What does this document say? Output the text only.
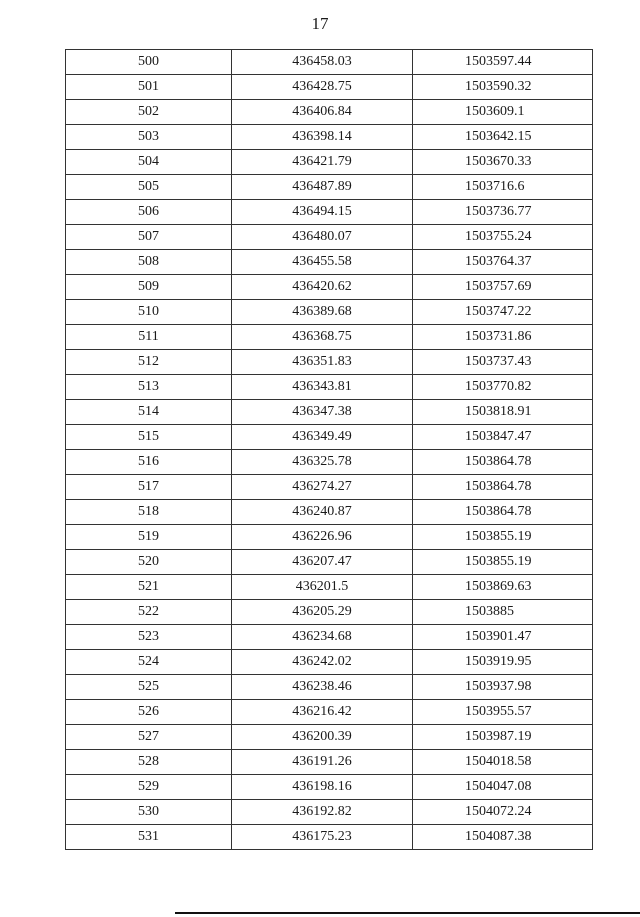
17
500	436458.03	1503597.44
501	436428.75	1503590.32
502	436406.84	1503609.1
503	436398.14	1503642.15
504	436421.79	1503670.33
505	436487.89	1503716.6
506	436494.15	1503736.77
507	436480.07	1503755.24
508	436455.58	1503764.37
509	436420.62	1503757.69
510	436389.68	1503747.22
511	436368.75	1503731.86
512	436351.83	1503737.43
513	436343.81	1503770.82
514	436347.38	1503818.91
515	436349.49	1503847.47
516	436325.78	1503864.78
517	436274.27	1503864.78
518	436240.87	1503864.78
519	436226.96	1503855.19
520	436207.47	1503855.19
521	436201.5	1503869.63
522	436205.29	1503885
523	436234.68	1503901.47
524	436242.02	1503919.95
525	436238.46	1503937.98
526	436216.42	1503955.57
527	436200.39	1503987.19
528	436191.26	1504018.58
529	436198.16	1504047.08
530	436192.82	1504072.24
531	436175.23	1504087.38
